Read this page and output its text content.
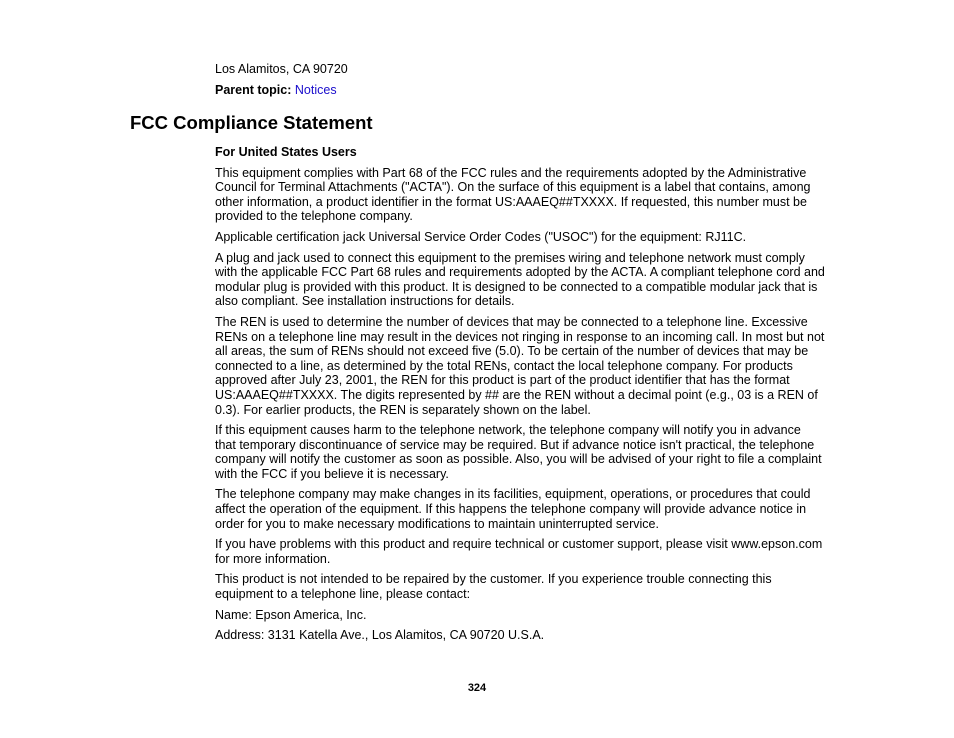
Los Alamitos, CA 90720
Parent topic: Notices
FCC Compliance Statement

For United States Users

This equipment complies with Part 68 of the FCC rules and the requirements adopted by the Administrative Council for Terminal Attachments ("ACTA"). On the surface of this equipment is a label that contains, among other information, a product identifier in the format US:AAAEQ##TXXXX. If requested, this number must be provided to the telephone company.

Applicable certification jack Universal Service Order Codes ("USOC") for the equipment: RJ11C.

A plug and jack used to connect this equipment to the premises wiring and telephone network must comply with the applicable FCC Part 68 rules and requirements adopted by the ACTA. A compliant telephone cord and modular plug is provided with this product. It is designed to be connected to a compatible modular jack that is also compliant. See installation instructions for details.

The REN is used to determine the number of devices that may be connected to a telephone line. Excessive RENs on a telephone line may result in the devices not ringing in response to an incoming call. In most but not all areas, the sum of RENs should not exceed five (5.0). To be certain of the number of devices that may be connected to a line, as determined by the total RENs, contact the local telephone company. For products approved after July 23, 2001, the REN for this product is part of the product identifier that has the format US:AAAEQ##TXXXX. The digits represented by ## are the REN without a decimal point (e.g., 03 is a REN of 0.3). For earlier products, the REN is separately shown on the label.

If this equipment causes harm to the telephone network, the telephone company will notify you in advance that temporary discontinuance of service may be required. But if advance notice isn't practical, the telephone company will notify the customer as soon as possible. Also, you will be advised of your right to file a complaint with the FCC if you believe it is necessary.

The telephone company may make changes in its facilities, equipment, operations, or procedures that could affect the operation of the equipment. If this happens the telephone company will provide advance notice in order for you to make necessary modifications to maintain uninterrupted service.

If you have problems with this product and require technical or customer support, please visit www.epson.com for more information.

This product is not intended to be repaired by the customer. If you experience trouble connecting this equipment to a telephone line, please contact:

Name: Epson America, Inc.

Address: 3131 Katella Ave., Los Alamitos, CA 90720 U.S.A.

324
